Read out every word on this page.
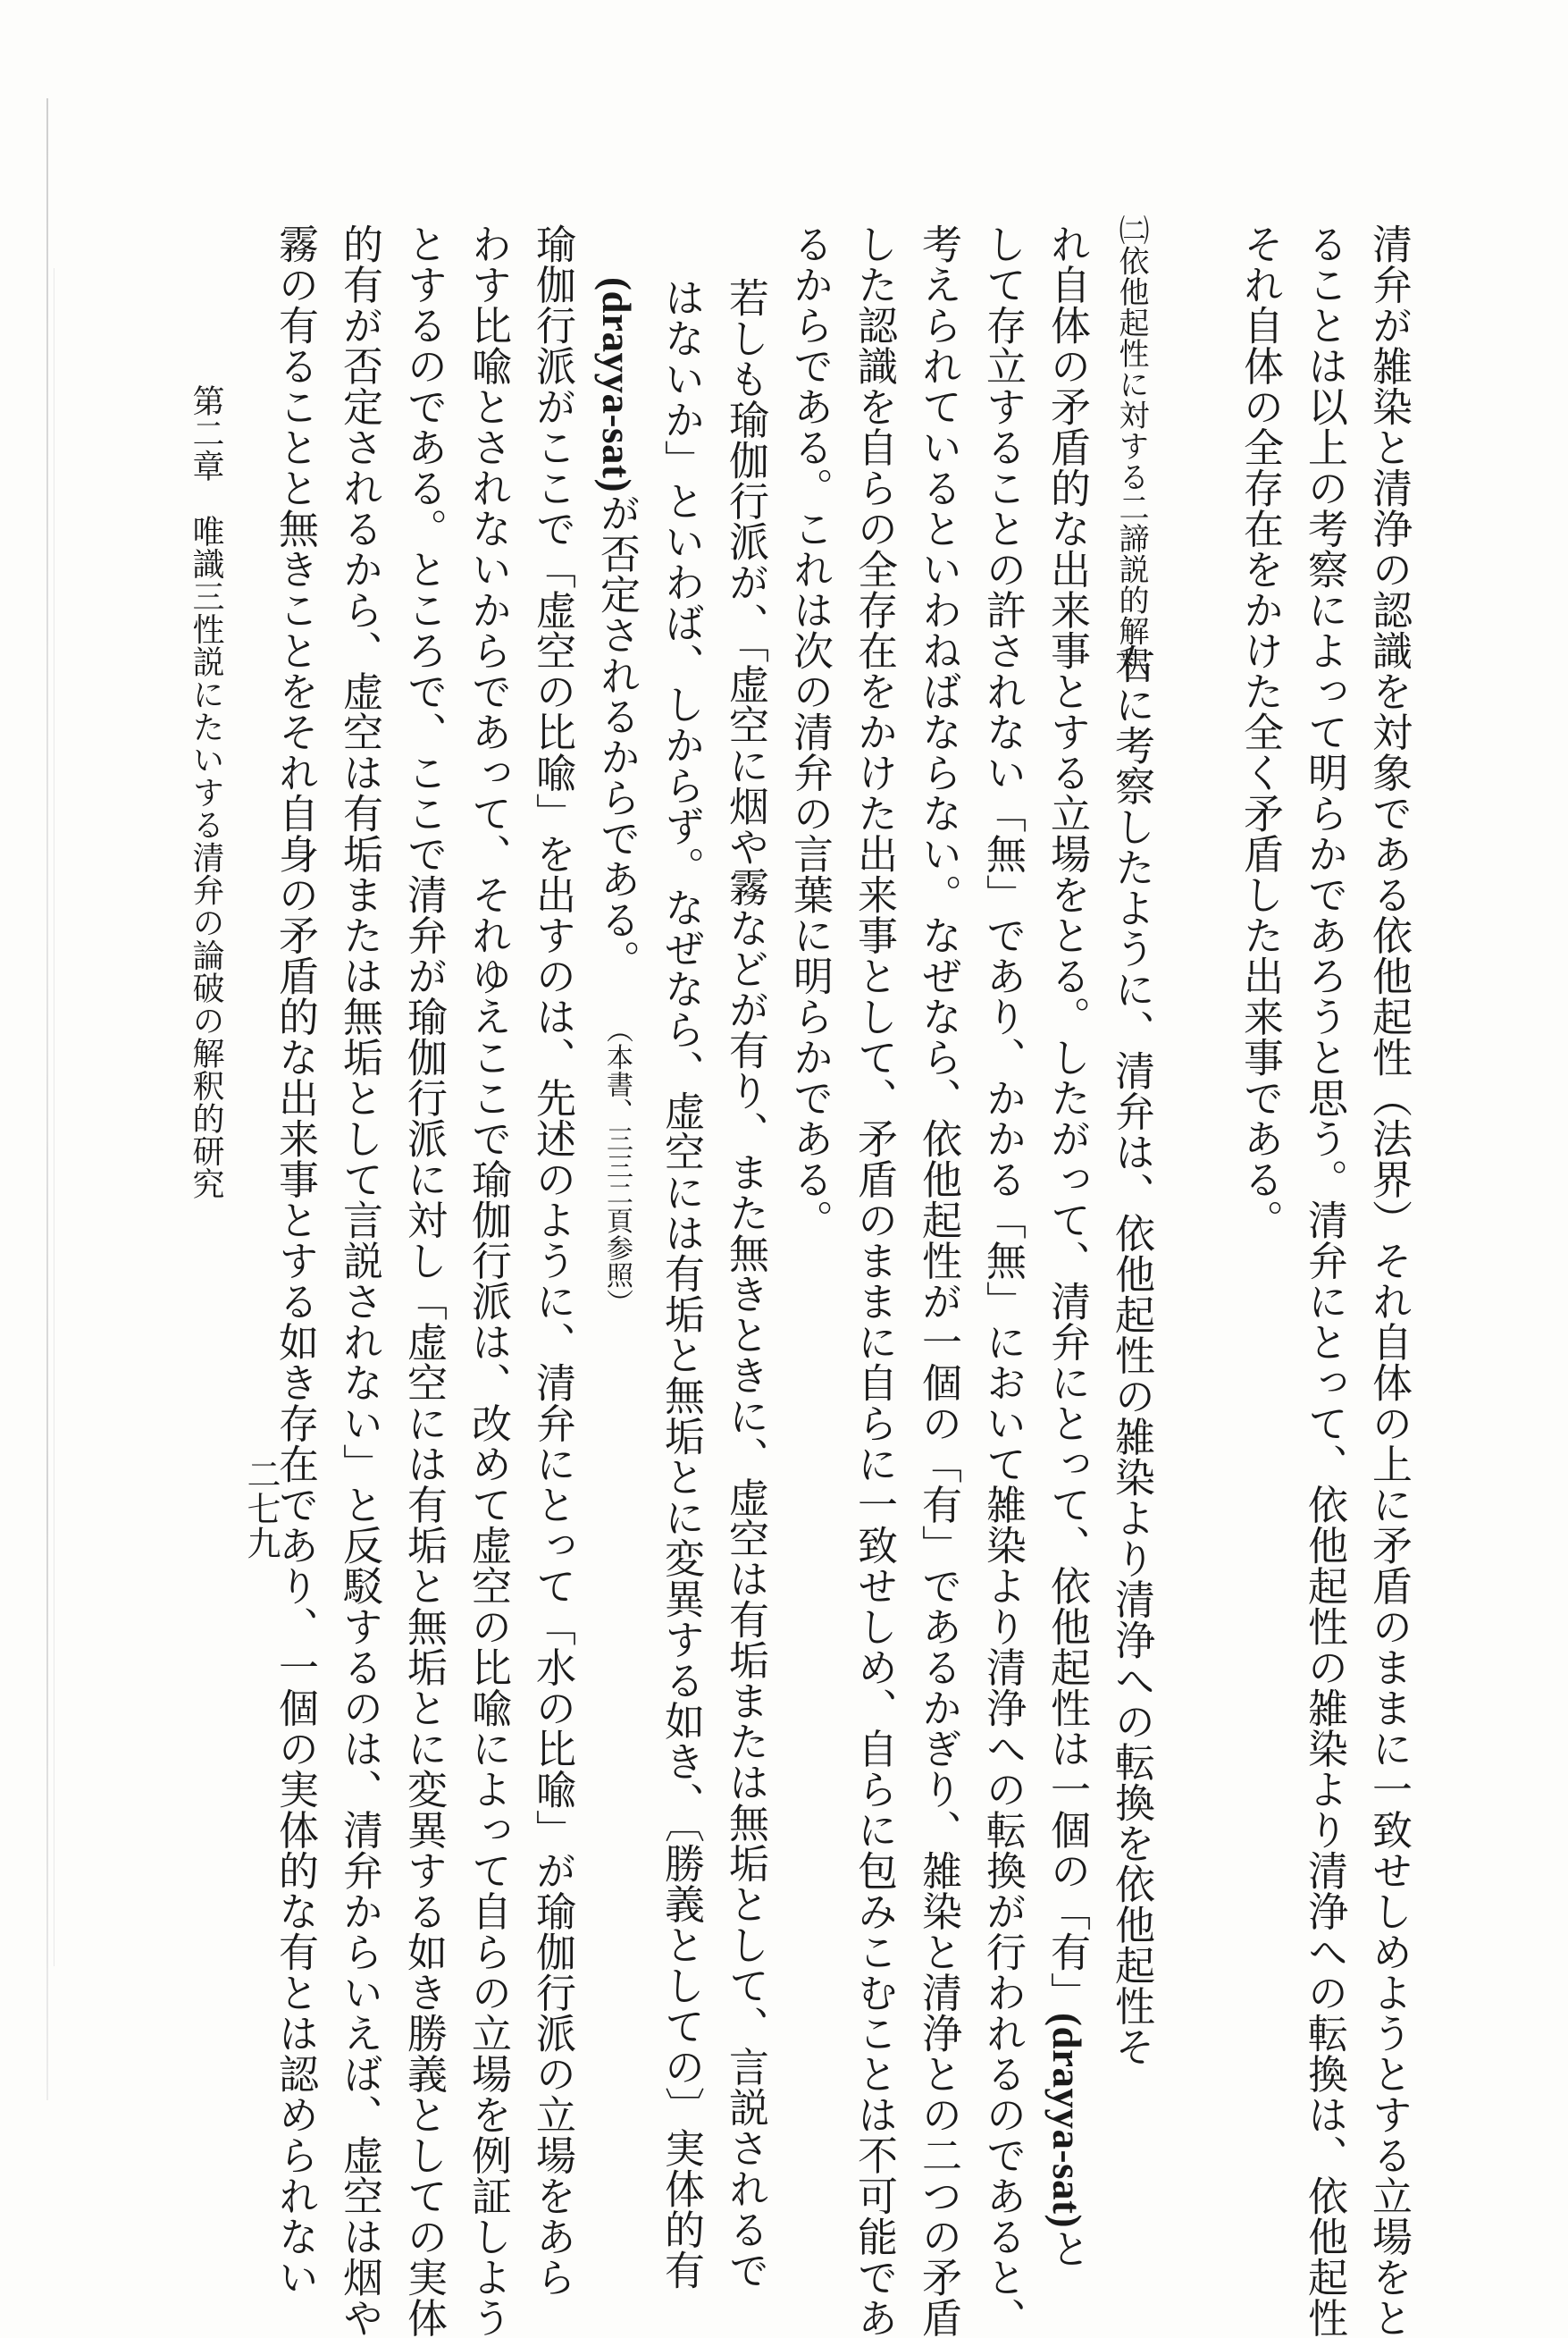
清弁が雑染と清浄の認識を対象である依他起性（法界）それ自体の上に矛盾のままに一致せしめようとする立場をと
ることは以上の考察によって明らかであろうと思う。清弁にとって、依他起性の雑染より清浄への転換は、依他起性
それ自体の全存在をかけた全く矛盾した出来事である。
㈡依他起性に対する二諦説的解釈
右に考察したように、清弁は、依他起性の雑染より清浄への転換を依他起性そ
れ自体の矛盾的な出来事とする立場をとる。したがって、清弁にとって、依他起性は一個の「有」(drayya-sat)と
して存立することの許されない「無」であり、かかる「無」において雑染より清浄への転換が行われるのであると、
考えられているといわねばならない。なぜなら、依他起性が一個の「有」であるかぎり、雑染と清浄との二つの矛盾
した認識を自らの全存在をかけた出来事として、矛盾のままに自らに一致せしめ、自らに包みこむことは不可能であ
るからである。これは次の清弁の言葉に明らかである。
若しも瑜伽行派が、「虚空に烟や霧などが有り、また無きときに、虚空は有垢または無垢として、言説されるで
はないか」といわば、しからず。なぜなら、虚空には有垢と無垢とに変異する如き、〔勝義としての〕実体的有
(drayya-sat)が否定されるからである。（本書、三三二頁参照）
瑜伽行派がここで「虚空の比喩」を出すのは、先述のように、清弁にとって「水の比喩」が瑜伽行派の立場をあら
わす比喩とされないからであって、それゆえここで瑜伽行派は、改めて虚空の比喩によって自らの立場を例証しよう
とするのである。ところで、ここで清弁が瑜伽行派に対し「虚空には有垢と無垢とに変異する如き勝義としての実体
的有が否定されるから、虚空は有垢または無垢として言説されない」と反駁するのは、清弁からいえば、虚空は烟や
霧の有ることと無きことをそれ自身の矛盾的な出来事とする如き存在であり、一個の実体的な有とは認められない
第二章　唯識三性説にたいする清弁の論破の解釈的研究
二七九
